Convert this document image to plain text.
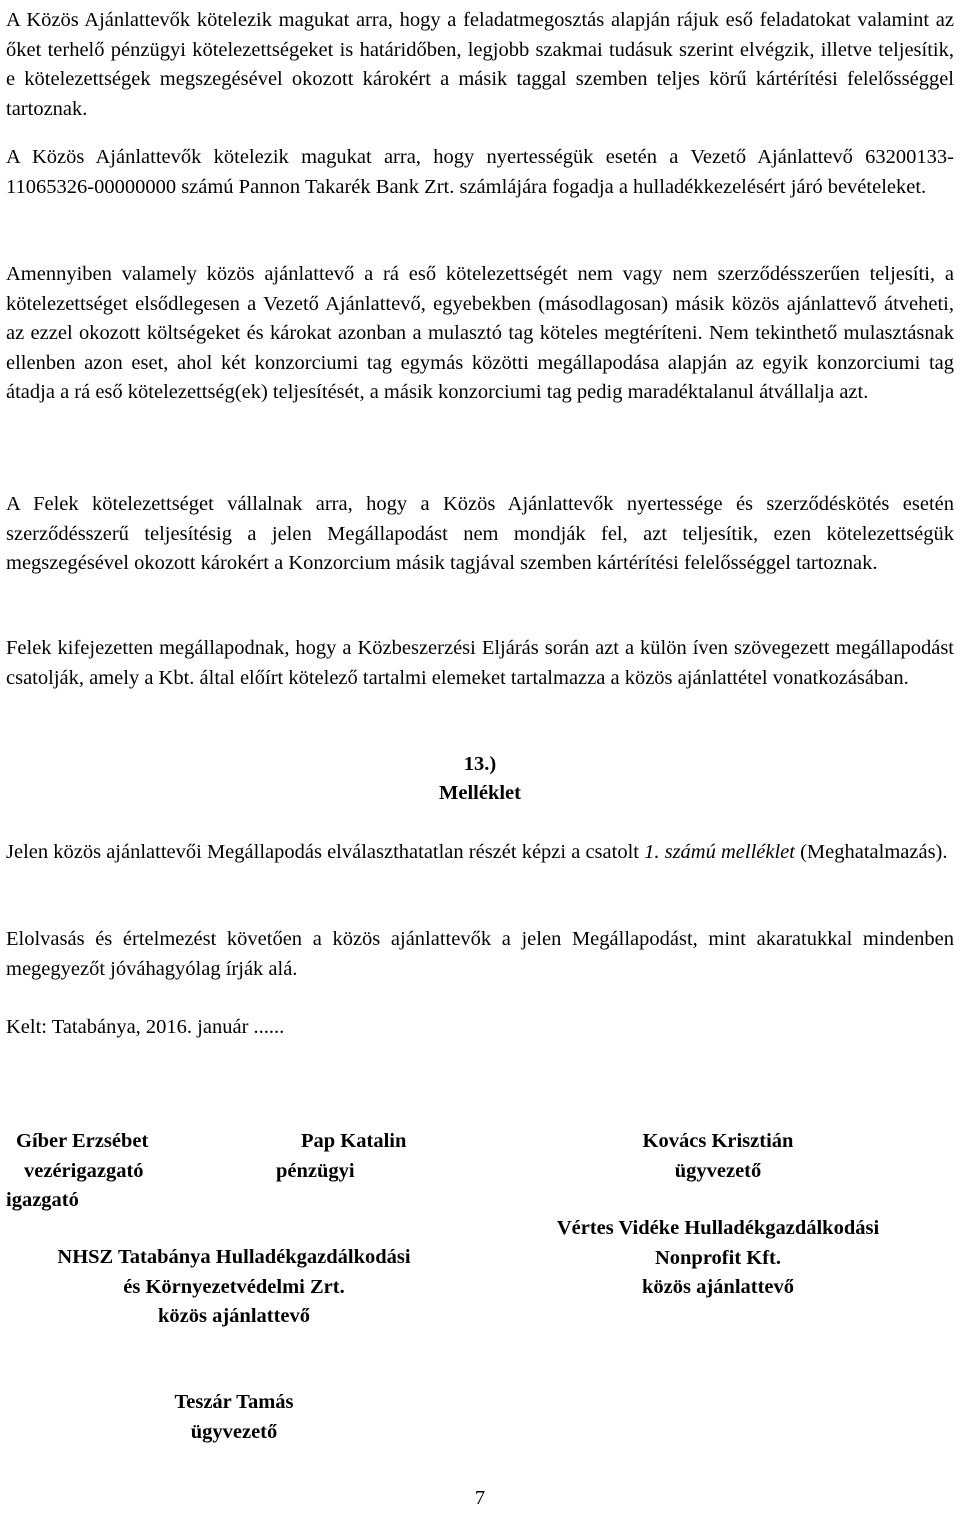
A Közös Ajánlattevők kötelezik magukat arra, hogy a feladatmegosztás alapján rájuk eső feladatokat valamint az őket terhelő pénzügyi kötelezettségeket is határidőben, legjobb szakmai tudásuk szerint elvégzik, illetve teljesítik, e kötelezettségek megszegésével okozott károkért a másik taggal szemben teljes körű kártérítési felelősséggel tartoznak.

A Közös Ajánlattevők kötelezik magukat arra, hogy nyertességük esetén a Vezető Ajánlattevő 63200133-11065326-00000000 számú Pannon Takarék Bank Zrt. számlájára fogadja a hulladékkezelésért járó bevételeket.

Amennyiben valamely közös ajánlattevő a rá eső kötelezettségét nem vagy nem szerződésszerűen teljesíti, a kötelezettséget elsődlegesen a Vezető Ajánlattevő, egyebekben (másodlagosan) másik közös ajánlattevő átveheti, az ezzel okozott költségeket és károkat azonban a mulasztó tag köteles megtéríteni. Nem tekinthető mulasztásnak ellenben azon eset, ahol két konzorciumi tag egymás közötti megállapodása alapján az egyik konzorciumi tag átadja a rá eső kötelezettség(ek) teljesítését, a másik konzorciumi tag pedig maradéktalanul átvállalja azt.

A Felek kötelezettséget vállalnak arra, hogy a Közös Ajánlattevők nyertessége és szerződéskötés esetén szerződésszerű teljesítésig a jelen Megállapodást nem mondják fel, azt teljesítik, ezen kötelezettségük megszegésével okozott károkért a Konzorcium másik tagjával szemben kártérítési felelősséggel tartoznak.

Felek kifejezetten megállapodnak, hogy a Közbeszerzési Eljárás során azt a külön íven szövegezett megállapodást csatolják, amely a Kbt. által előírt kötelező tartalmi elemeket tartalmazza a közös ajánlattétel vonatkozásában.

13.)

Melléklet

Jelen közös ajánlattevői Megállapodás elválaszthatatlan részét képzi a csatolt 1. számú melléklet (Meghatalmazás).

Elolvasás és értelmezést követően a közös ajánlattevők a jelen Megállapodást, mint akaratukkal mindenben megegyezőt jóváhagyólag írják alá.

Kelt: Tatabánya, 2016. január ......

Gíber Erzsébet
vezérigazgató
igazgató
NHSZ Tatabánya Hulladékgazdálkodási
és Környezetvédelmi Zrt.
közös ajánlattevő
Pap Katalin
pénzügyi
Kovács Krisztián
ügyvezető
Vértes Vidéke Hulladékgazdálkodási
Nonprofit Kft.
közös ajánlattevő
Teszár Tamás
ügyvezető
7
